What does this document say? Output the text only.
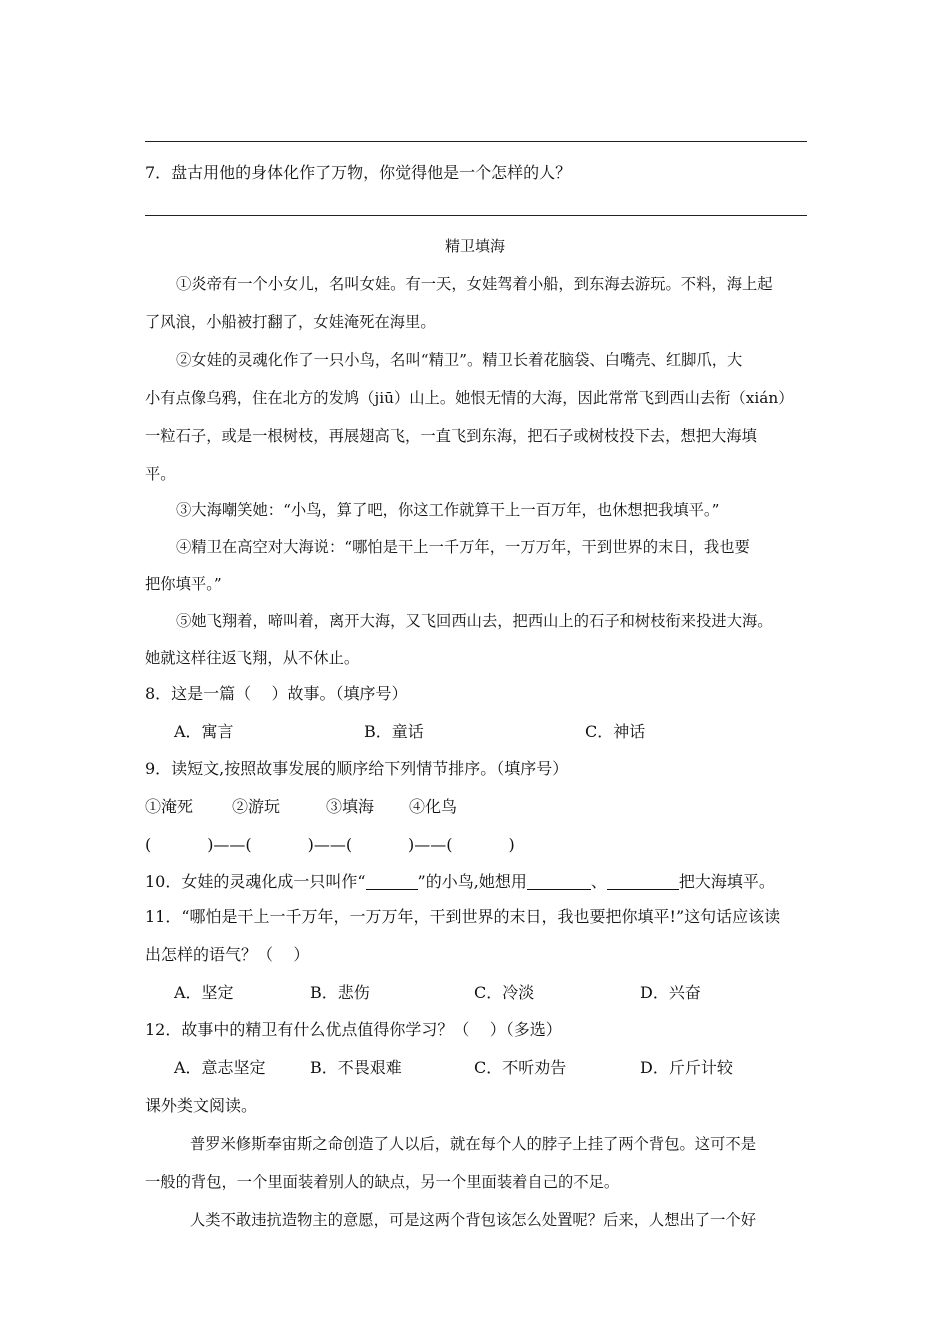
7．盘古用他的身体化作了万物，你觉得他是一个怎样的人？
精卫填海
①炎帝有一个小女儿，名叫女娃。有一天，女娃驾着小船，到东海去游玩。不料，海上起
了风浪，小船被打翻了，女娃淹死在海里。
②女娃的灵魂化作了一只小鸟，名叫“精卫”。精卫长着花脑袋、白嘴壳、红脚爪，大
小有点像乌鸦，住在北方的发鸠（jiū）山上。她恨无情的大海，因此常常飞到西山去衔（xián）
一粒石子，或是一根树枝，再展翅高飞，一直飞到东海，把石子或树枝投下去，想把大海填
平。
③大海嘲笑她：“小鸟，算了吧，你这工作就算干上一百万年，也休想把我填平。”
④精卫在高空对大海说：“哪怕是干上一千万年，一万万年，干到世界的末日，我也要
把你填平。”
⑤她飞翔着，啼叫着，离开大海，又飞回西山去，把西山上的石子和树枝衔来投进大海。
她就这样往返飞翔，从不休止。
8．这是一篇（    ）故事。（填序号）
A．寓言	B．童话	C．神话
9．读短文,按照故事发展的顺序给下列情节排序。（填序号）
①淹死 ②游玩	③填海 ④化鸟
(           )——(           )——(           )——(           )
10．女娃的灵魂化成一只叫作“	”的小鸟,她想用	、	把大海填平。
11．“哪怕是干上一千万年，一万万年，干到世界的末日，我也要把你填平!”这句话应该读
出怎样的语气？（    ）
A．坚定	B．悲伤	C．冷淡	D．兴奋
12．故事中的精卫有什么优点值得你学习？（    ）（多选）
A．意志坚定	B．不畏艰难	C．不听劝告	D．斤斤计较
课外类文阅读。
普罗米修斯奉宙斯之命创造了人以后，就在每个人的脖子上挂了两个背包。这可不是
一般的背包，一个里面装着别人的缺点，另一个里面装着自己的不足。
人类不敢违抗造物主的意愿，可是这两个背包该怎么处置呢？后来，人想出了一个好
